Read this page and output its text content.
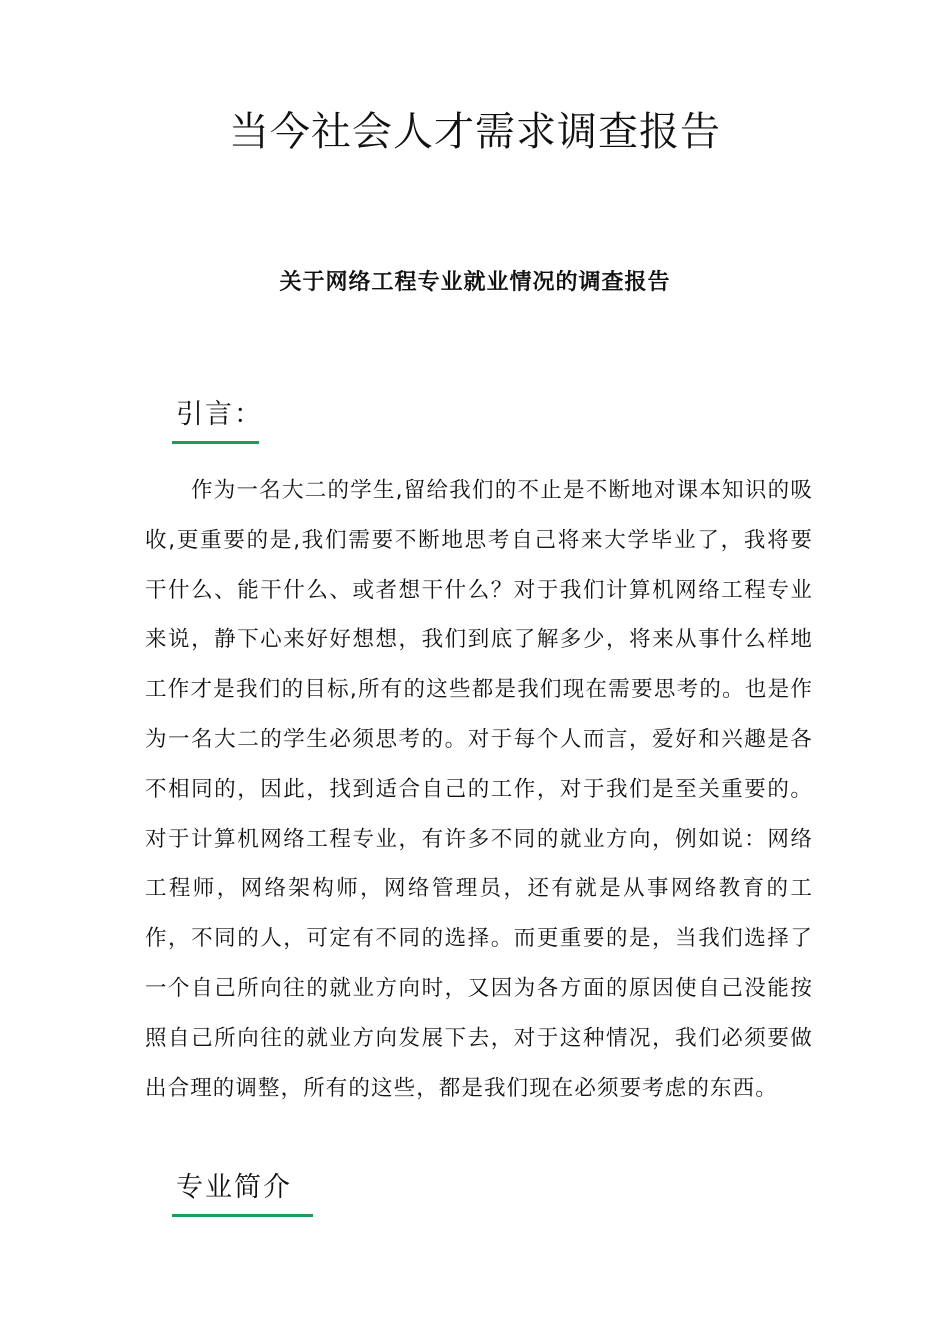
当今社会人才需求调查报告
关于网络工程专业就业情况的调查报告
引言：

作为一名大二的学生,留给我们的不止是不断地对课本知识的吸收,更重要的是,我们需要不断地思考自己将来大学毕业了，我将要干什么、能干什么、或者想干什么？对于我们计算机网络工程专业来说，静下心来好好想想，我们到底了解多少，将来从事什么样地工作才是我们的目标,所有的这些都是我们现在需要思考的。也是作为一名大二的学生必须思考的。对于每个人而言，爱好和兴趣是各不相同的，因此，找到适合自己的工作，对于我们是至关重要的。对于计算机网络工程专业，有许多不同的就业方向，例如说：网络工程师，网络架构师，网络管理员，还有就是从事网络教育的工作，不同的人，可定有不同的选择。而更重要的是，当我们选择了一个自己所向往的就业方向时，又因为各方面的原因使自己没能按照自己所向往的就业方向发展下去，对于这种情况，我们必须要做出合理的调整，所有的这些，都是我们现在必须要考虑的东西。

专业简介
